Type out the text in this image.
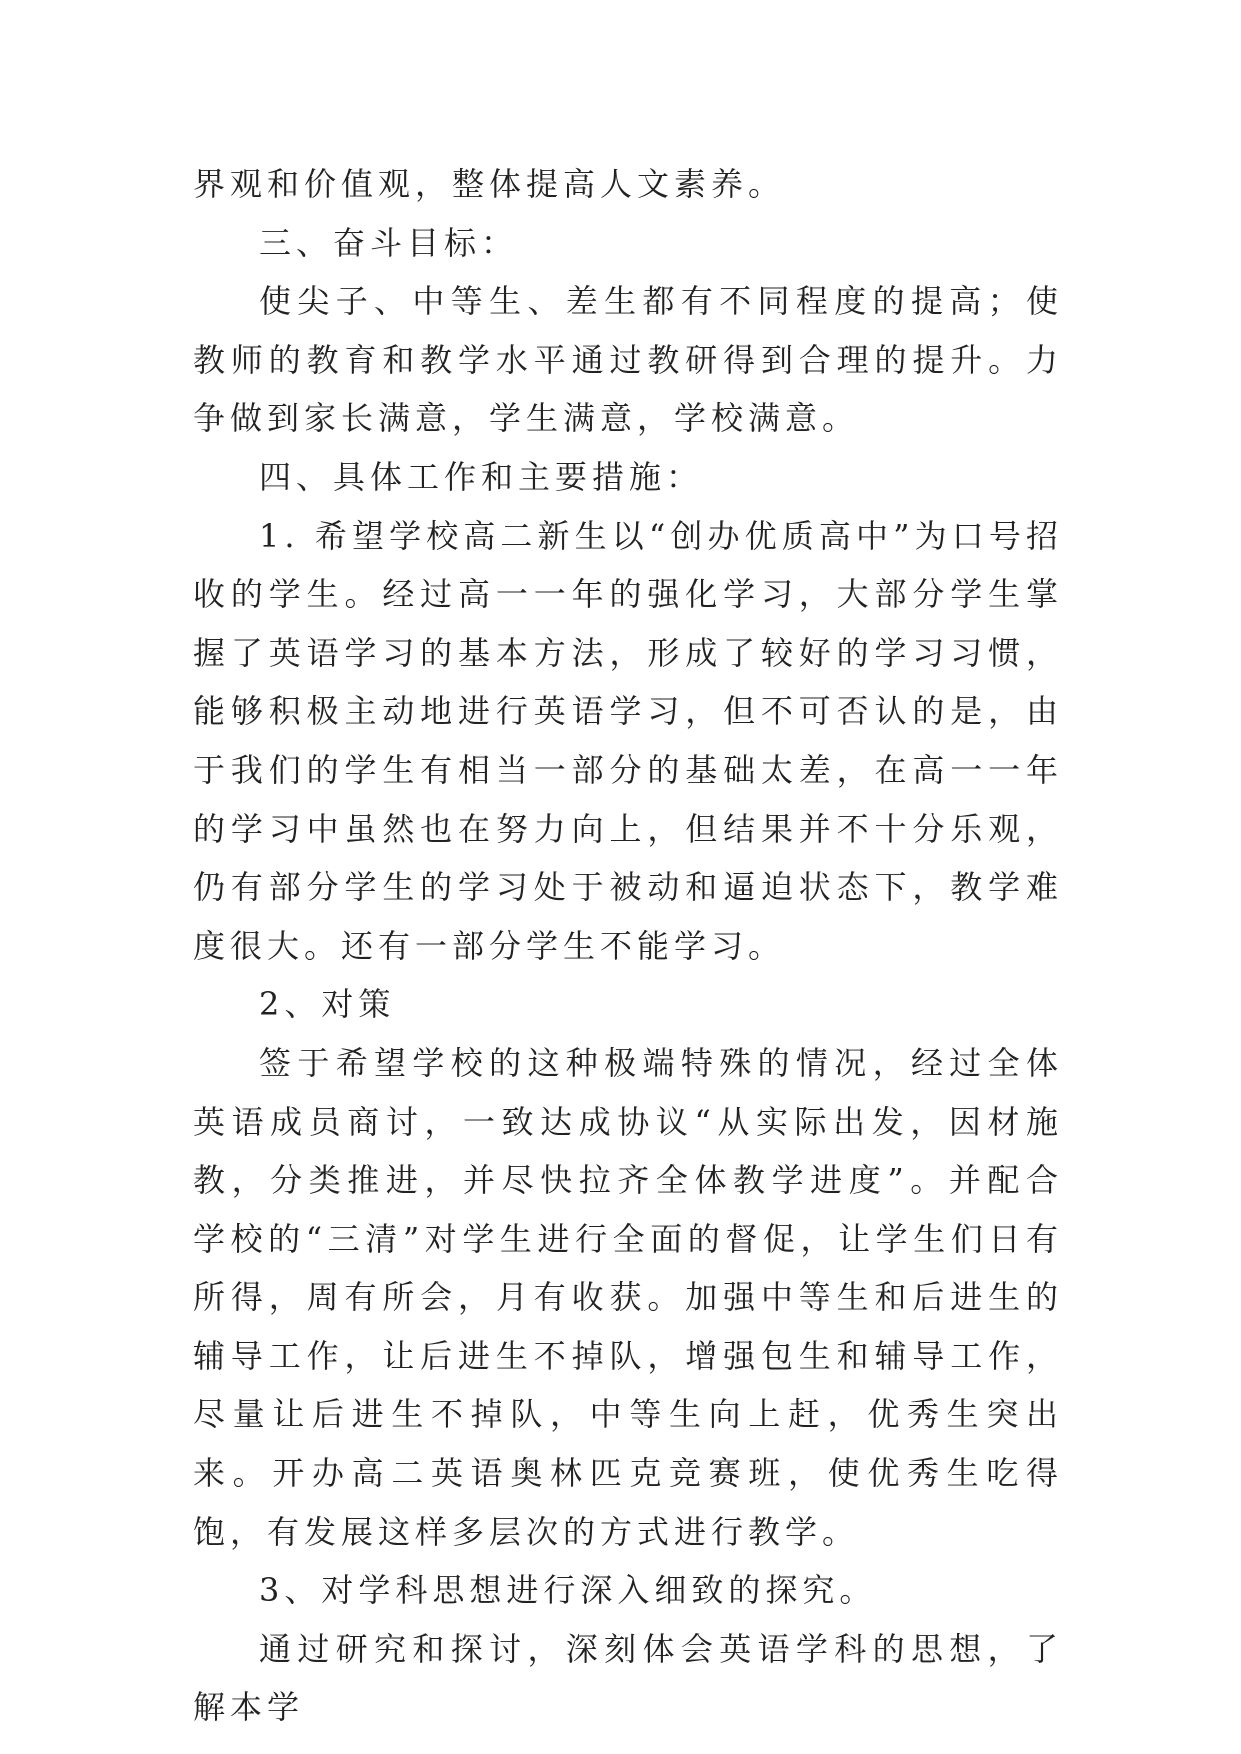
界观和价值观，整体提高人文素养。

三、奋斗目标：

使尖子、中等生、差生都有不同程度的提高；使教师的教育和教学水平通过教研得到合理的提升。力争做到家长满意，学生满意，学校满意。

四、具体工作和主要措施：

1. 希望学校高二新生以“创办优质高中”为口号招收的学生。经过高一一年的强化学习，大部分学生掌握了英语学习的基本方法，形成了较好的学习习惯，能够积极主动地进行英语学习，但不可否认的是，由于我们的学生有相当一部分的基础太差，在高一一年的学习中虽然也在努力向上，但结果并不十分乐观，仍有部分学生的学习处于被动和逼迫状态下，教学难度很大。还有一部分学生不能学习。

2、对策

签于希望学校的这种极端特殊的情况，经过全体英语成员商讨，一致达成协议“从实际出发，因材施教，分类推进，并尽快拉齐全体教学进度”。并配合学校的“三清”对学生进行全面的督促，让学生们日有所得，周有所会，月有收获。加强中等生和后进生的辅导工作，让后进生不掉队，增强包生和辅导工作，尽量让后进生不掉队，中等生向上赶，优秀生突出来。开办高二英语奥林匹克竞赛班，使优秀生吃得饱，有发展这样多层次的方式进行教学。

3、对学科思想进行深入细致的探究。

通过研究和探讨，深刻体会英语学科的思想，了解本学
